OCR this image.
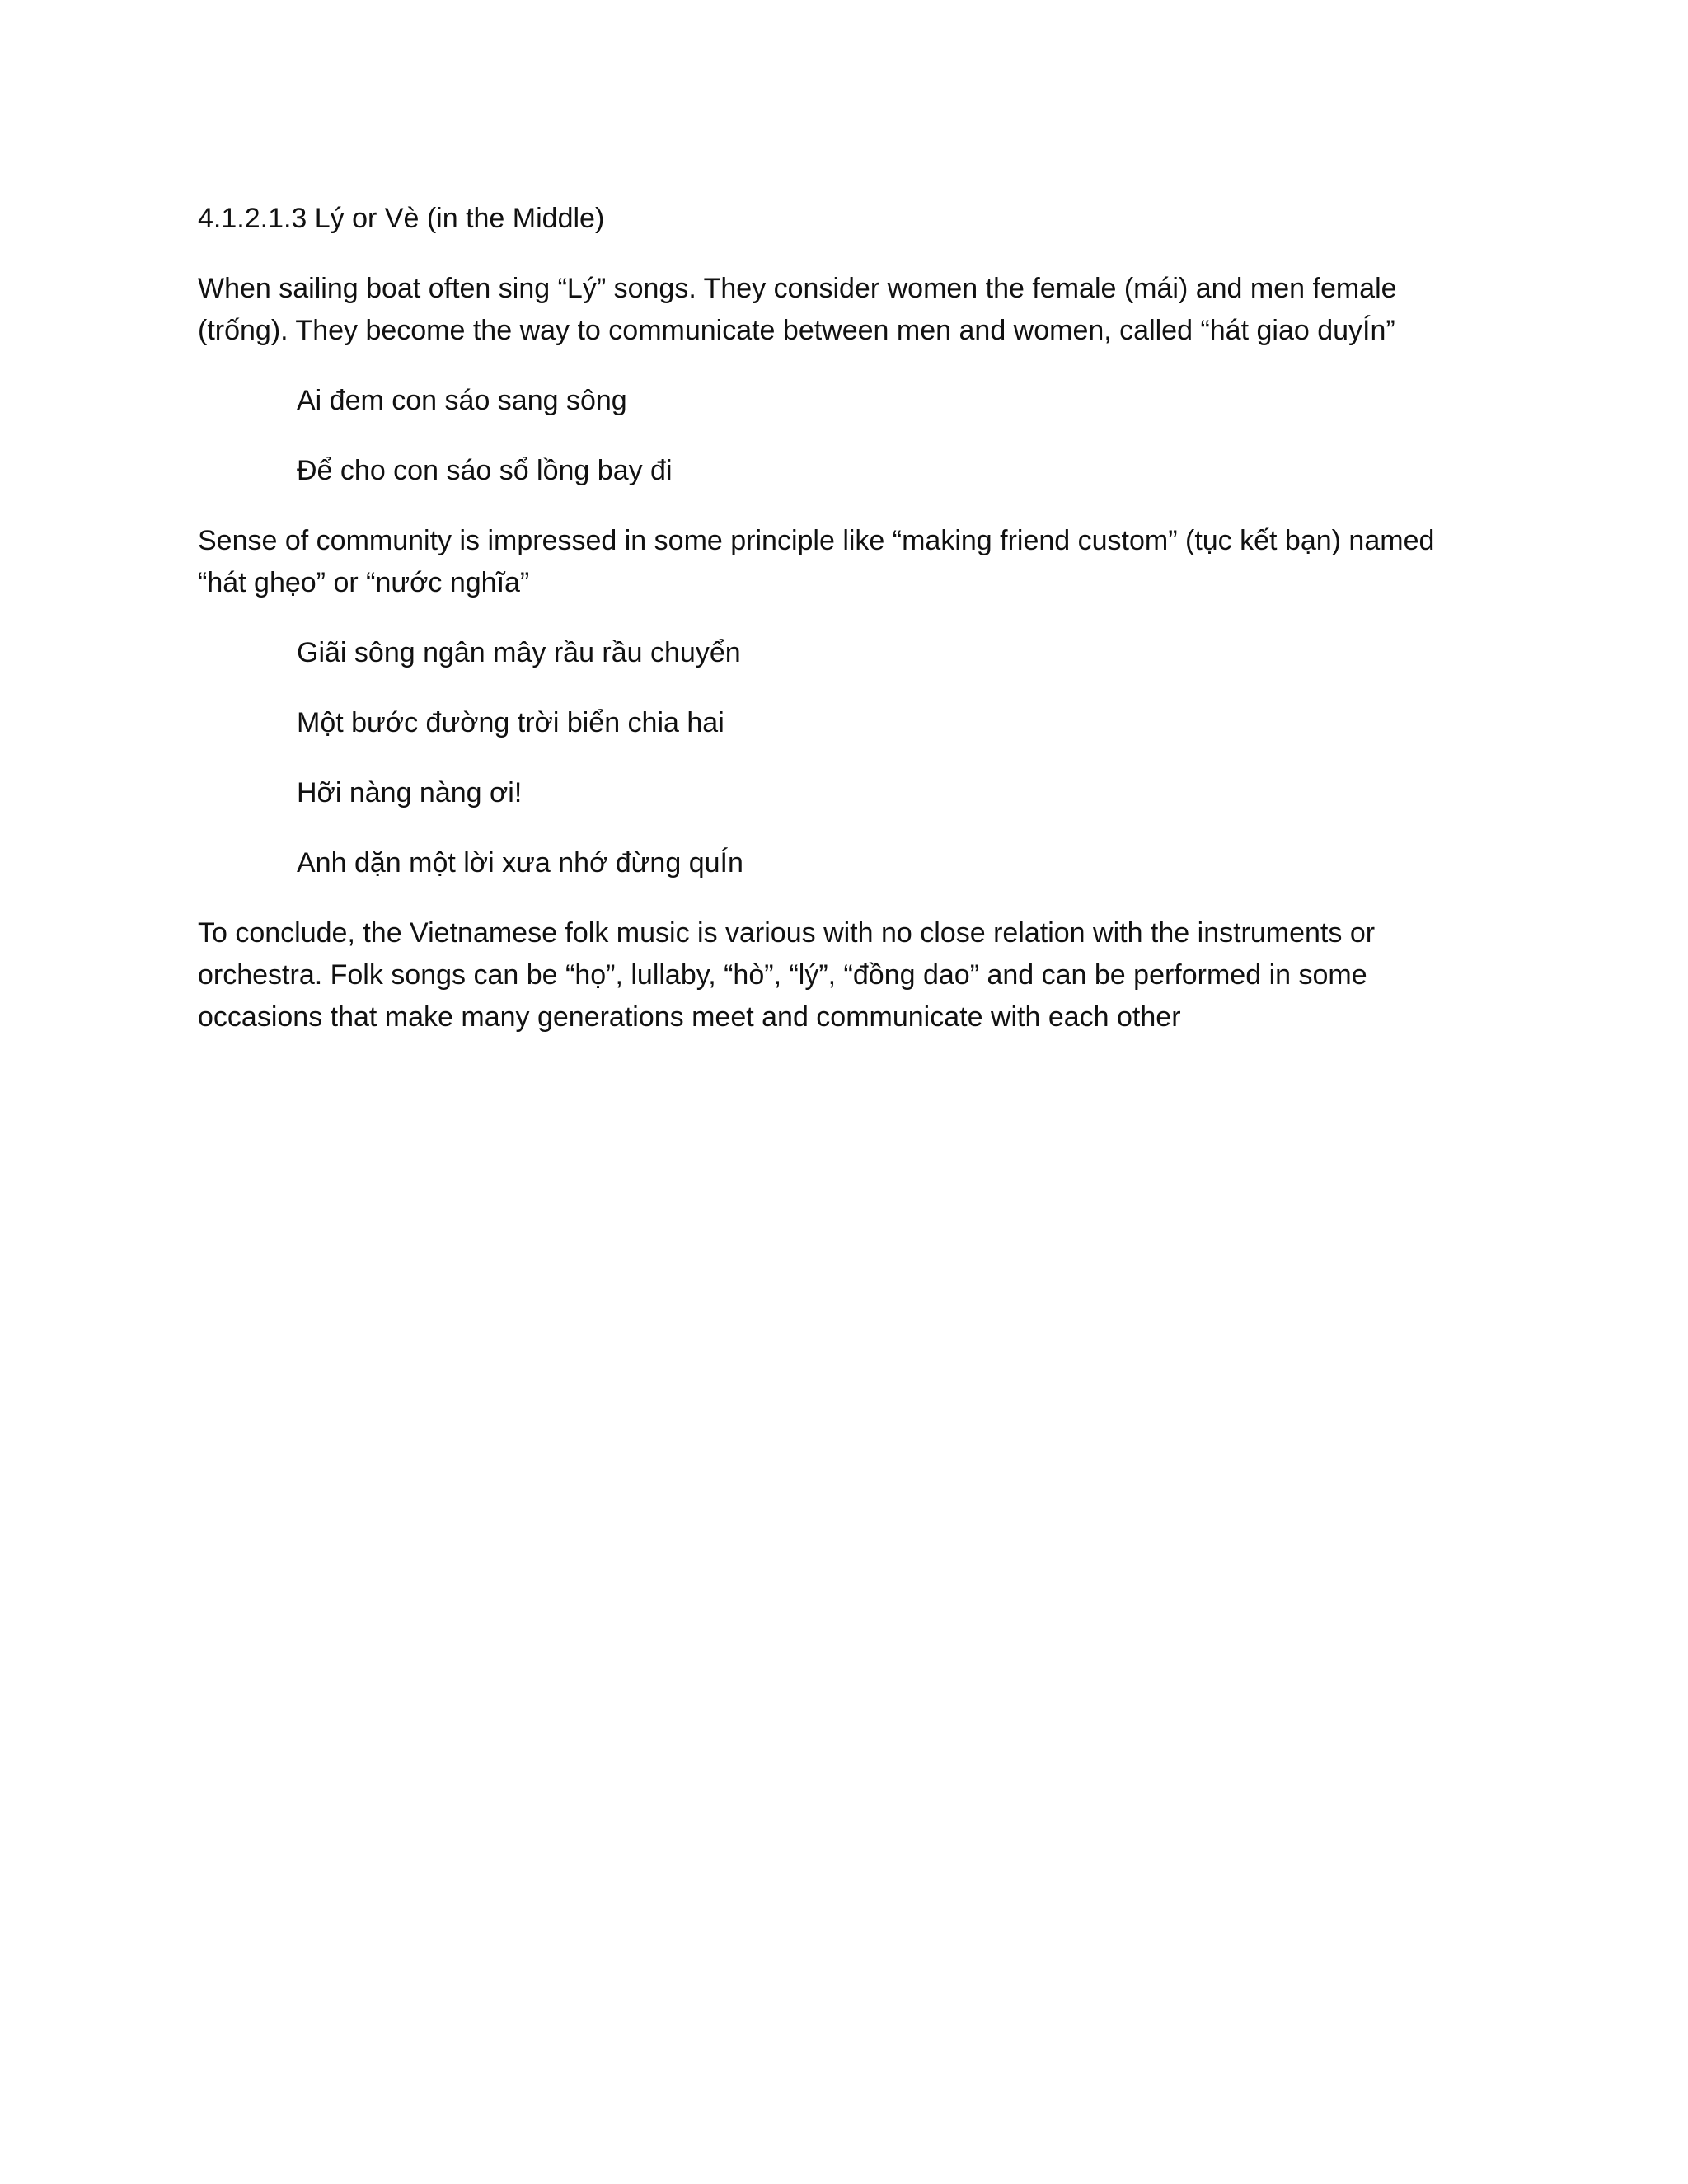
4.1.2.1.3 Lý or Vè (in the Middle)

When sailing boat often sing “Lý” songs. They consider women the female (mái) and men female (trống). They become the way to communicate between men and women, called “hát giao duyÍn”

Ai đem con sáo sang sông

Để cho con sáo sổ lồng bay đi

Sense of community is impressed in some principle like “making friend custom” (tục kết bạn) named “hát ghẹo” or “nước nghĩa”

Giãi sông ngân mây rầu rầu chuyển

Một bước đường trời biển chia hai

Hỡi nàng nàng ơi!

Anh dặn một lời xưa nhớ đừng quÍn

To conclude, the Vietnamese folk music is various with no close relation with the instruments or orchestra. Folk songs can be “họ”, lullaby, “hò”, “lý”, “đồng dao” and can be performed in some occasions that make many generations meet and communicate with each other
